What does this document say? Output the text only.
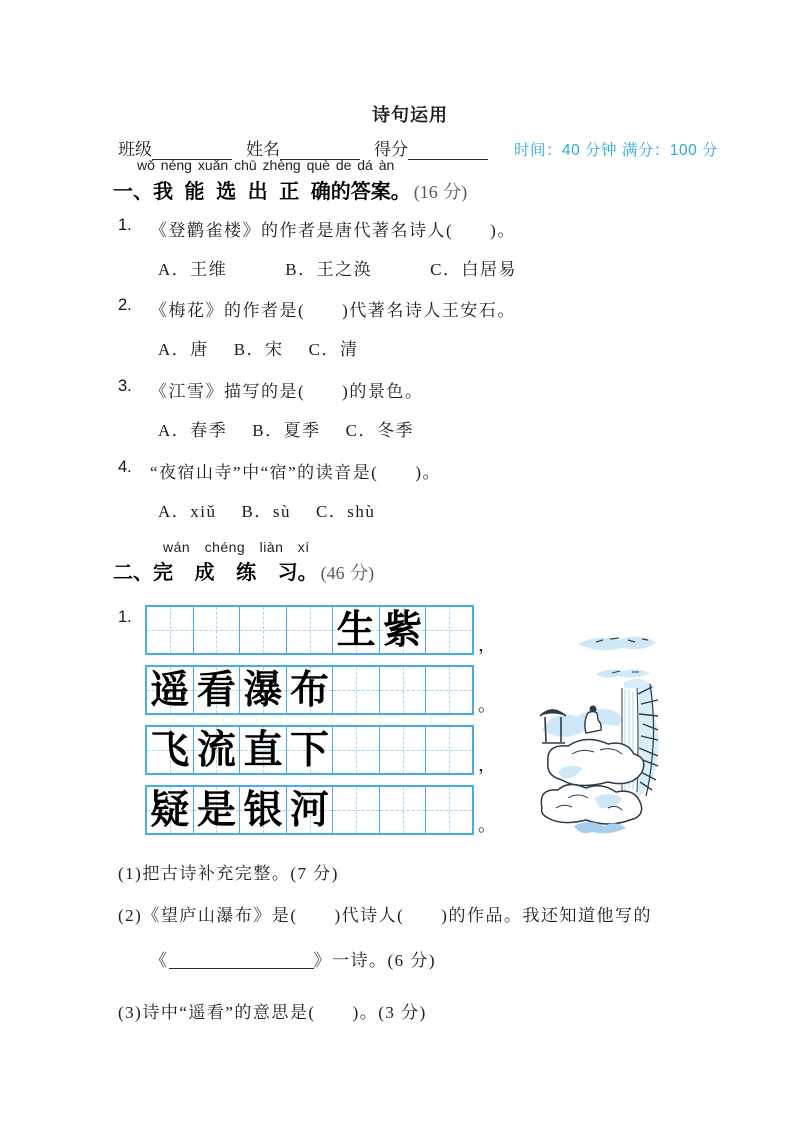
诗句运用
班级	姓名	得分	时间：40 分钟 满分：100 分
wǒ néng xuǎn chū zhèng què de dá àn
一、我 能 选 出 正 确的答案。 (16 分)
1.	《登鹳雀楼》的作者是唐代著名诗人(　　)。
A．王维	B．王之涣	C．白居易
2.	《梅花》的作者是(　　)代著名诗人王安石。
A．唐 B．宋 C．清
3.	《江雪》描写的是(　　)的景色。
A．春季 B．夏季 C．冬季
4.	“夜宿山寺”中“宿”的读音是(　　)。
A．xiǔ B．sù C．shù
wán chéng liàn xí
二、完 成 练 习。 (46 分)
1.	生 紫	，
遥 看 瀑 布	。
飞 流 直 下	，
疑 是 银 河	。
(1)把古诗补充完整。(7 分)
(2)《望庐山瀑布》是(　　)代诗人(　　)的作品。我还知道他写的
《	》一诗。(6 分)
(3)诗中“遥看”的意思是(　　)。(3 分)
